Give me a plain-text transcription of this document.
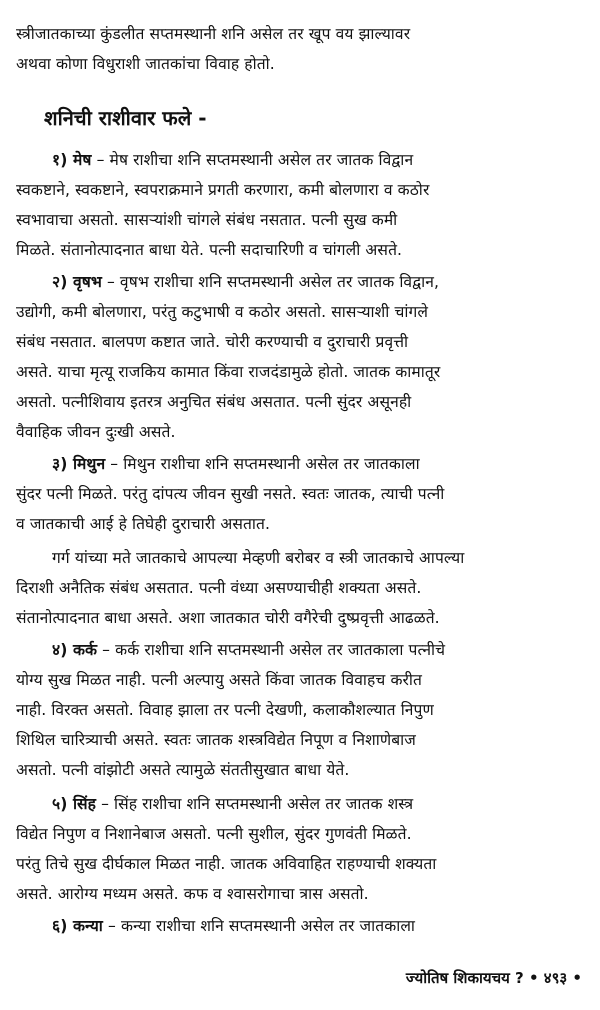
स्त्रीजातकाच्या कुंडलीत सप्तमस्थानी शनि असेल तर खूप वय झाल्यावर
अथवा कोणा विधुराशी जातकांचा विवाह होतो.
शनिची राशीवार फले -
१) मेष – मेष राशीचा शनि सप्तमस्थानी असेल तर जातक विद्वान
स्वकष्टाने, स्वकष्टाने, स्वपराक्रमाने प्रगती करणारा, कमी बोलणारा व कठोर
स्वभावाचा असतो. सासऱ्यांशी चांगले संबंध नसतात. पत्नी सुख कमी
मिळते. संतानोत्पादनात बाधा येते. पत्नी सदाचारिणी व चांगली असते.
२) वृषभ – वृषभ राशीचा शनि सप्तमस्थानी असेल तर जातक विद्वान,
उद्योगी, कमी बोलणारा, परंतु कटुभाषी व कठोर असतो. सासऱ्याशी चांगले
संबंध नसतात. बालपण कष्टात जाते. चोरी करण्याची व दुराचारी प्रवृत्ती
असते. याचा मृत्यू राजकिय कामात किंवा राजदंडामुळे होतो. जातक कामातूर
असतो. पत्नीशिवाय इतरत्र अनुचित संबंध असतात. पत्नी सुंदर असूनही
वैवाहिक जीवन दुःखी असते.
३) मिथुन – मिथुन राशीचा शनि सप्तमस्थानी असेल तर जातकाला
सुंदर पत्नी मिळते. परंतु दांपत्य जीवन सुखी नसते. स्वतः जातक, त्याची पत्नी
व जातकाची आई हे तिघेही दुराचारी असतात.
गर्ग यांच्या मते जातकाचे आपल्या मेव्हणी बरोबर व स्त्री जातकाचे आपल्या
दिराशी अनैतिक संबंध असतात. पत्नी वंध्या असण्याचीही शक्यता असते.
संतानोत्पादनात बाधा असते. अशा जातकात चोरी वगैरेची दुष्प्रवृत्ती आढळते.
४) कर्क – कर्क राशीचा शनि सप्तमस्थानी असेल तर जातकाला पत्नीचे
योग्य सुख मिळत नाही. पत्नी अल्पायु असते किंवा जातक विवाहच करीत
नाही. विरक्त असतो. विवाह झाला तर पत्नी देखणी, कलाकौशल्यात निपुण
शिथिल चारित्र्याची असते. स्वतः जातक शस्त्रविद्येत निपूण व निशाणेबाज
असतो. पत्नी वांझोटी असते त्यामुळे संततीसुखात बाधा येते.
५) सिंह – सिंह राशीचा शनि सप्तमस्थानी असेल तर जातक शस्त्र
विद्येत निपुण व निशानेबाज असतो. पत्नी सुशील, सुंदर गुणवंती मिळते.
परंतु तिचे सुख दीर्घकाल मिळत नाही. जातक अविवाहित राहण्याची शक्यता
असते. आरोग्य मध्यम असते. कफ व श्वासरोगाचा त्रास असतो.
६) कन्या – कन्या राशीचा शनि सप्तमस्थानी असेल तर जातकाला
ज्योतिष शिकायचय ? • ४९३ •
